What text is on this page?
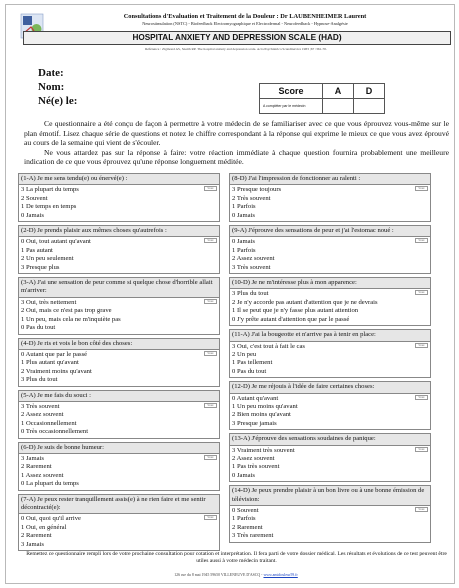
Consultations d'Evaluation et Traitement de la Douleur : Dr LAUBENHEIMER Laurent
Neurostimulation (NSTC) - Biofeedback Electromyographique et Electrodermal - Neurofeedback - Hypnose-Analgésie
HOSPITAL ANXIETY AND DEPRESSION SCALE (HAD)
Référence : Zigmond AS, Snaith RP. The hospital anxiety and depression scale. Acta Psychiatrica Scandinavica 1983 ;67 :361-70.
Date:
Nom:
Né(e) le:
Score	A	D
A compléter par le médecin		

Ce questionnaire a été conçu de façon à permettre à votre médecin de se familiariser avec ce que vous éprouvez vous-même sur le plan émotif. Lisez chaque série de questions et notez le chiffre correspondant à la réponse qui exprime le mieux ce que vous avez éprouvé au cours de la semaine qui vient de s'écouler.

Ne vous attardez pas sur la réponse à faire: votre réaction immédiate à chaque question fournira probablement une meilleure indication de ce que vous éprouvez qu'une réponse longuement méditée.

(1-A) Je me sens tendu(e) ou énervé(e) :
Score
3 La plupart du temps
2 Souvent
1 De temps en temps
0 Jamais
(2-D) Je prends plaisir aux mêmes choses qu'autrefois :
Score
0 Oui, tout autant qu'avant
1 Pas autant
2 Un peu seulement
3 Presque plus
(3-A) J'ai une sensation de peur comme si quelque chose d'horrible allait m'arriver:
Score
3 Oui, très nettement
2 Oui, mais ce n'est pas trop grave
1 Un peu, mais cela ne m'inquiète pas
0 Pas du tout
(4-D) Je ris et vois le bon côté des choses:
Score
0 Autant que par le passé
1 Plus autant qu'avant
2 Vraiment moins qu'avant
3 Plus du tout
(5-A) Je me fais du souci :
Score
3 Très souvent
2 Assez souvent
1 Occasionnellement
0 Très occasionnellement
(6-D) Je suis de bonne humeur:
Score
3 Jamais
2 Rarement
1 Assez souvent
0 La plupart du temps
(7-A) Je peux rester tranquillement assis(e) à ne rien faire et me sentir décontracté(e):
Score
0 Oui, quoi qu'il arrive
1 Oui, en général
2 Rarement
3 Jamais
(8-D) J'ai l'impression de fonctionner au ralenti :
Score
3 Presque toujours
2 Très souvent
1 Parfois
0 Jamais
(9-A) J'éprouve des sensations de peur et j'ai l'estomac noué :
Score
0 Jamais
1 Parfois
2 Assez souvent
3 Très souvent
(10-D) Je ne m'intéresse plus à mon apparence:
Score
3 Plus du tout
2 Je n'y accorde pas autant d'attention que je ne devrais
1 Il se peut que je n'y fasse plus autant attention
0 J'y prête autant d'attention que par le passé
(11-A) J'ai la bougeotte et n'arrive pas à tenir en place:
Score
3 Oui, c'est tout à fait le cas
2 Un peu
1 Pas tellement
0 Pas du tout
(12-D) Je me réjouis à l'idée de faire certaines choses:
Score
0 Autant qu'avant
1 Un peu moins qu'avant
2 Bien moins qu'avant
3 Presque jamais
(13-A) J'éprouve des sensations soudaines de panique:
Score
3 Vraiment très souvent
2 Assez souvent
1 Pas très souvent
0 Jamais
(14-D) Je peux prendre plaisir à un bon livre ou à une bonne émission de télévision:
Score
0 Souvent
1 Parfois
2 Rarement
3 Très rarement
Remettez ce questionnaire rempli lors de votre prochaine consultation pour cotation et interprétation. Il fera parti de votre dossier médical. Les résultats et évolutions de ce test peuvent être utiles aussi à votre médecin traitant.
126 rue du 8 mai 1945 59650 VILLENEUVE D'ASCQ - www.amidouleur59.fr
